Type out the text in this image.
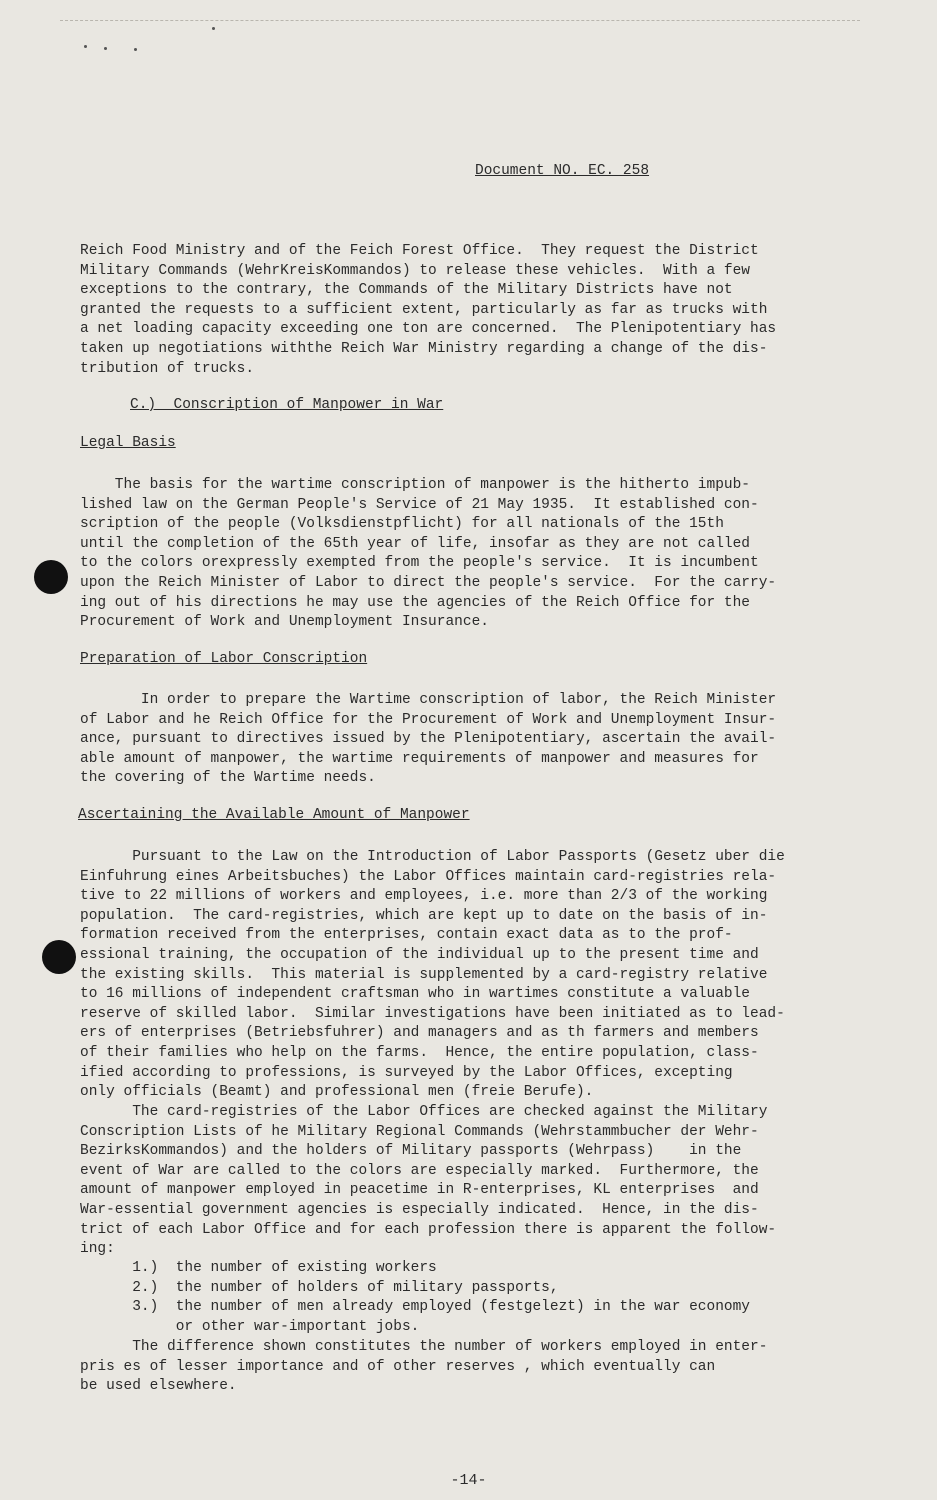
Document NO. EC. 258

Reich Food Ministry and of the Feich Forest Office.  They request the District
Military Commands (WehrKreisKommandos) to release these vehicles.  With a few
exceptions to the contrary, the Commands of the Military Districts have not
granted the requests to a sufficient extent, particularly as far as trucks with
a net loading capacity exceeding one ton are concerned.  The Plenipotentiary has
taken up negotiations withthe Reich War Ministry regarding a change of the dis-
tribution of trucks.

C.)  Conscription of Manpower in War
Legal Basis

The basis for the wartime conscription of manpower is the hitherto impub-
lished law on the German People's Service of 21 May 1935.  It established con-
scription of the people (Volksdienstpflicht) for all nationals of the 15th
until the completion of the 65th year of life, insofar as they are not called
to the colors orexpressly exempted from the people's service.  It is incumbent
upon the Reich Minister of Labor to direct the people's service.  For the carry-
ing out of his directions he may use the agencies of the Reich Office for the
Procurement of Work and Unemployment Insurance.

Preparation of Labor Conscription

In order to prepare the Wartime conscription of labor, the Reich Minister
of Labor and he Reich Office for the Procurement of Work and Unemployment Insur-
ance, pursuant to directives issued by the Plenipotentiary, ascertain the avail-
able amount of manpower, the wartime requirements of manpower and measures for
the covering of the Wartime needs.

Ascertaining the Available Amount of Manpower

Pursuant to the Law on the Introduction of Labor Passports (Gesetz uber die
Einfuhrung eines Arbeitsbuches) the Labor Offices maintain card-registries rela-
tive to 22 millions of workers and employees, i.e. more than 2/3 of the working
population.  The card-registries, which are kept up to date on the basis of in-
formation received from the enterprises, contain exact data as to the prof-
essional training, the occupation of the individual up to the present time and
the existing skills.  This material is supplemented by a card-registry relative
to 16 millions of independent craftsman who in wartimes constitute a valuable
reserve of skilled labor.  Similar investigations have been initiated as to lead-
ers of enterprises (Betriebsfuhrer) and managers and as th farmers and members
of their families who help on the farms.  Hence, the entire population, class-
ified according to professions, is surveyed by the Labor Offices, excepting
only officials (Beamt) and professional men (freie Berufe).

The card-registries of the Labor Offices are checked against the Military
Conscription Lists of he Military Regional Commands (Wehrstammbucher der Wehr-
BezirksKommandos) and the holders of Military passports (Wehrpass)    in the
event of War are called to the colors are especially marked.  Furthermore, the
amount of manpower employed in peacetime in R-enterprises, KL enterprises  and
War-essential government agencies is especially indicated.  Hence, in the dis-
trict of each Labor Office and for each profession there is apparent the follow-
ing:

1.)  the number of existing workers
2.)  the number of holders of military passports,
3.)  the number of men already employed (festgelezt) in the war economy
or other war-important jobs.

The difference shown constitutes the number of workers employed in enter-
pris es of lesser importance and of other reserves , which eventually can
be used elsewhere.

-14-
